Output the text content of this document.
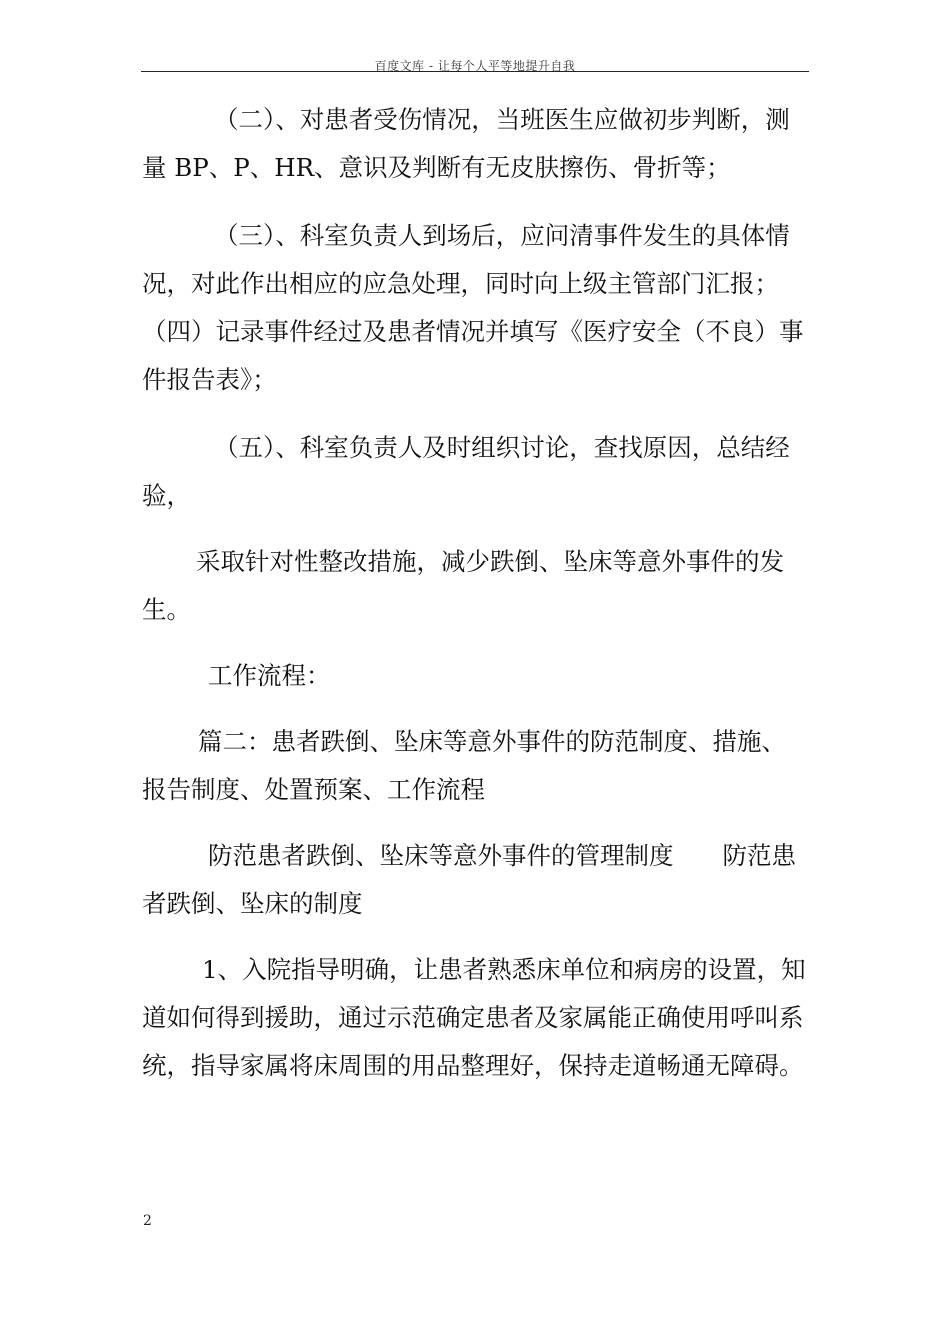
百度文库 - 让每个人平等地提升自我

（二）、对患者受伤情况，当班医生应做初步判断，测量 BP、P、HR、意识及判断有无皮肤擦伤、骨折等；

（三）、科室负责人到场后，应问清事件发生的具体情况，对此作出相应的应急处理，同时向上级主管部门汇报；

（四）记录事件经过及患者情况并填写《医疗安全（不良）事件报告表》；

（五）、科室负责人及时组织讨论，查找原因，总结经验，

采取针对性整改措施，减少跌倒、坠床等意外事件的发生。

工作流程：

篇二：患者跌倒、坠床等意外事件的防范制度、措施、报告制度、处置预案、工作流程

防范患者跌倒、坠床等意外事件的管理制度　　防范患者跌倒、坠床的制度

1、入院指导明确，让患者熟悉床单位和病房的设置，知道如何得到援助，通过示范确定患者及家属能正确使用呼叫系统，指导家属将床周围的用品整理好，保持走道畅通无障碍。

2
